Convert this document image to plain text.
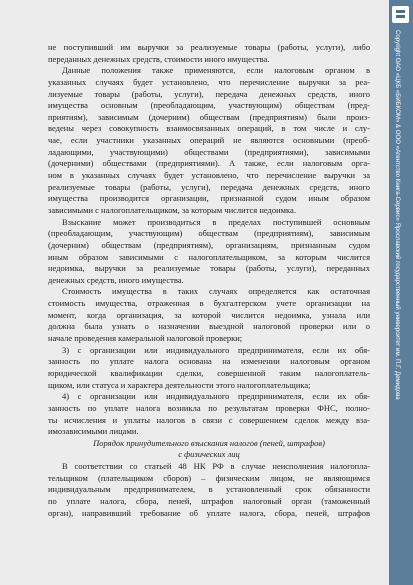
не поступивший им выручки за реализуемые товары (работы, услуги), либо
переданных денежных средств, стоимости иного имущества.
Данные положения также применяются, если налоговым органом в
указанных случаях будет установлено, что перечисление выручки за реа-
лизуемые товары (работы, услуги), передача денежных средств, иного
имущества основным (преобладающим, участвующим) обществам (пред-
приятиям), зависимым (дочерним) обществам (предприятиям) были произ-
ведены через совокупность взаимосвязанных операций, в том числе и слу-
чае, если участники указанных операций не являются основными (преоб-
ладающими, участвующими) обществами (предприятиями), зависимыми
(дочерними) обществами (предприятиями). А также, если налоговым орга-
ном в указанных случаях будет установлено, что перечисление выручки за
реализуемые товары (работы, услуги), передача денежных средств, иного
имущества производится организации, признанной судом иным образом
зависимыми с налогоплательщиком, за которым числится недоимка.
Взыскание может производиться в пределах поступившей основным
(преобладающим, участвующим) обществам (предприятиям), зависимым
(дочерним) обществам (предприятиям), организациям, признанным судом
иным образом зависимыми с налогоплательщиком, за которым числится
недоимка, выручки за реализуемые товары (работы, услуги), переданных
денежных средств, иного имущества.
Стоимость имущества в таких случаях определяется как остаточная
стоимость имущества, отраженная в бухгалтерском учете организации на
момент, когда организация, за которой числится недоимка, узнала или
должна была узнать о назначении выездной налоговой проверки или о
начале проведения камеральной налоговой проверки;
3) с организации или индивидуального предпринимателя, если их обя-
занность по уплате налога основана на изменении налоговым органом
юридической квалификации сделки, совершенной таким налогоплатель-
щиком, или статуса и характера деятельности этого налогоплательщика;
4) с организации или индивидуального предпринимателя, если их обя-
занность по уплате налога возникла по результатам проверки ФНС, полно-
ты исчисления и уплаты налогов в связи с совершением сделок между вза-
имозависимыми лицами.
Порядок принудительного взыскания налогов (пеней, штрафов)
с физических лиц
В соответствии со статьей 48 НК РФ в случае неисполнения налогопла-
тельщиком (плательщиком сборов) – физическим лицом, не являющимся
индивидуальным предпринимателем, в установленный срок обязанности
по уплате налога, сбора, пеней, штрафов налоговый орган (таможенный
орган), направивший требование об уплате налога, сбора, пеней, штрафов
Copyright ОАО «ЦКБ «БИБКОМ» & ООО «Aгентство Книга-Сервис» Ярославский государственный университет им. П.Г. Демидова
